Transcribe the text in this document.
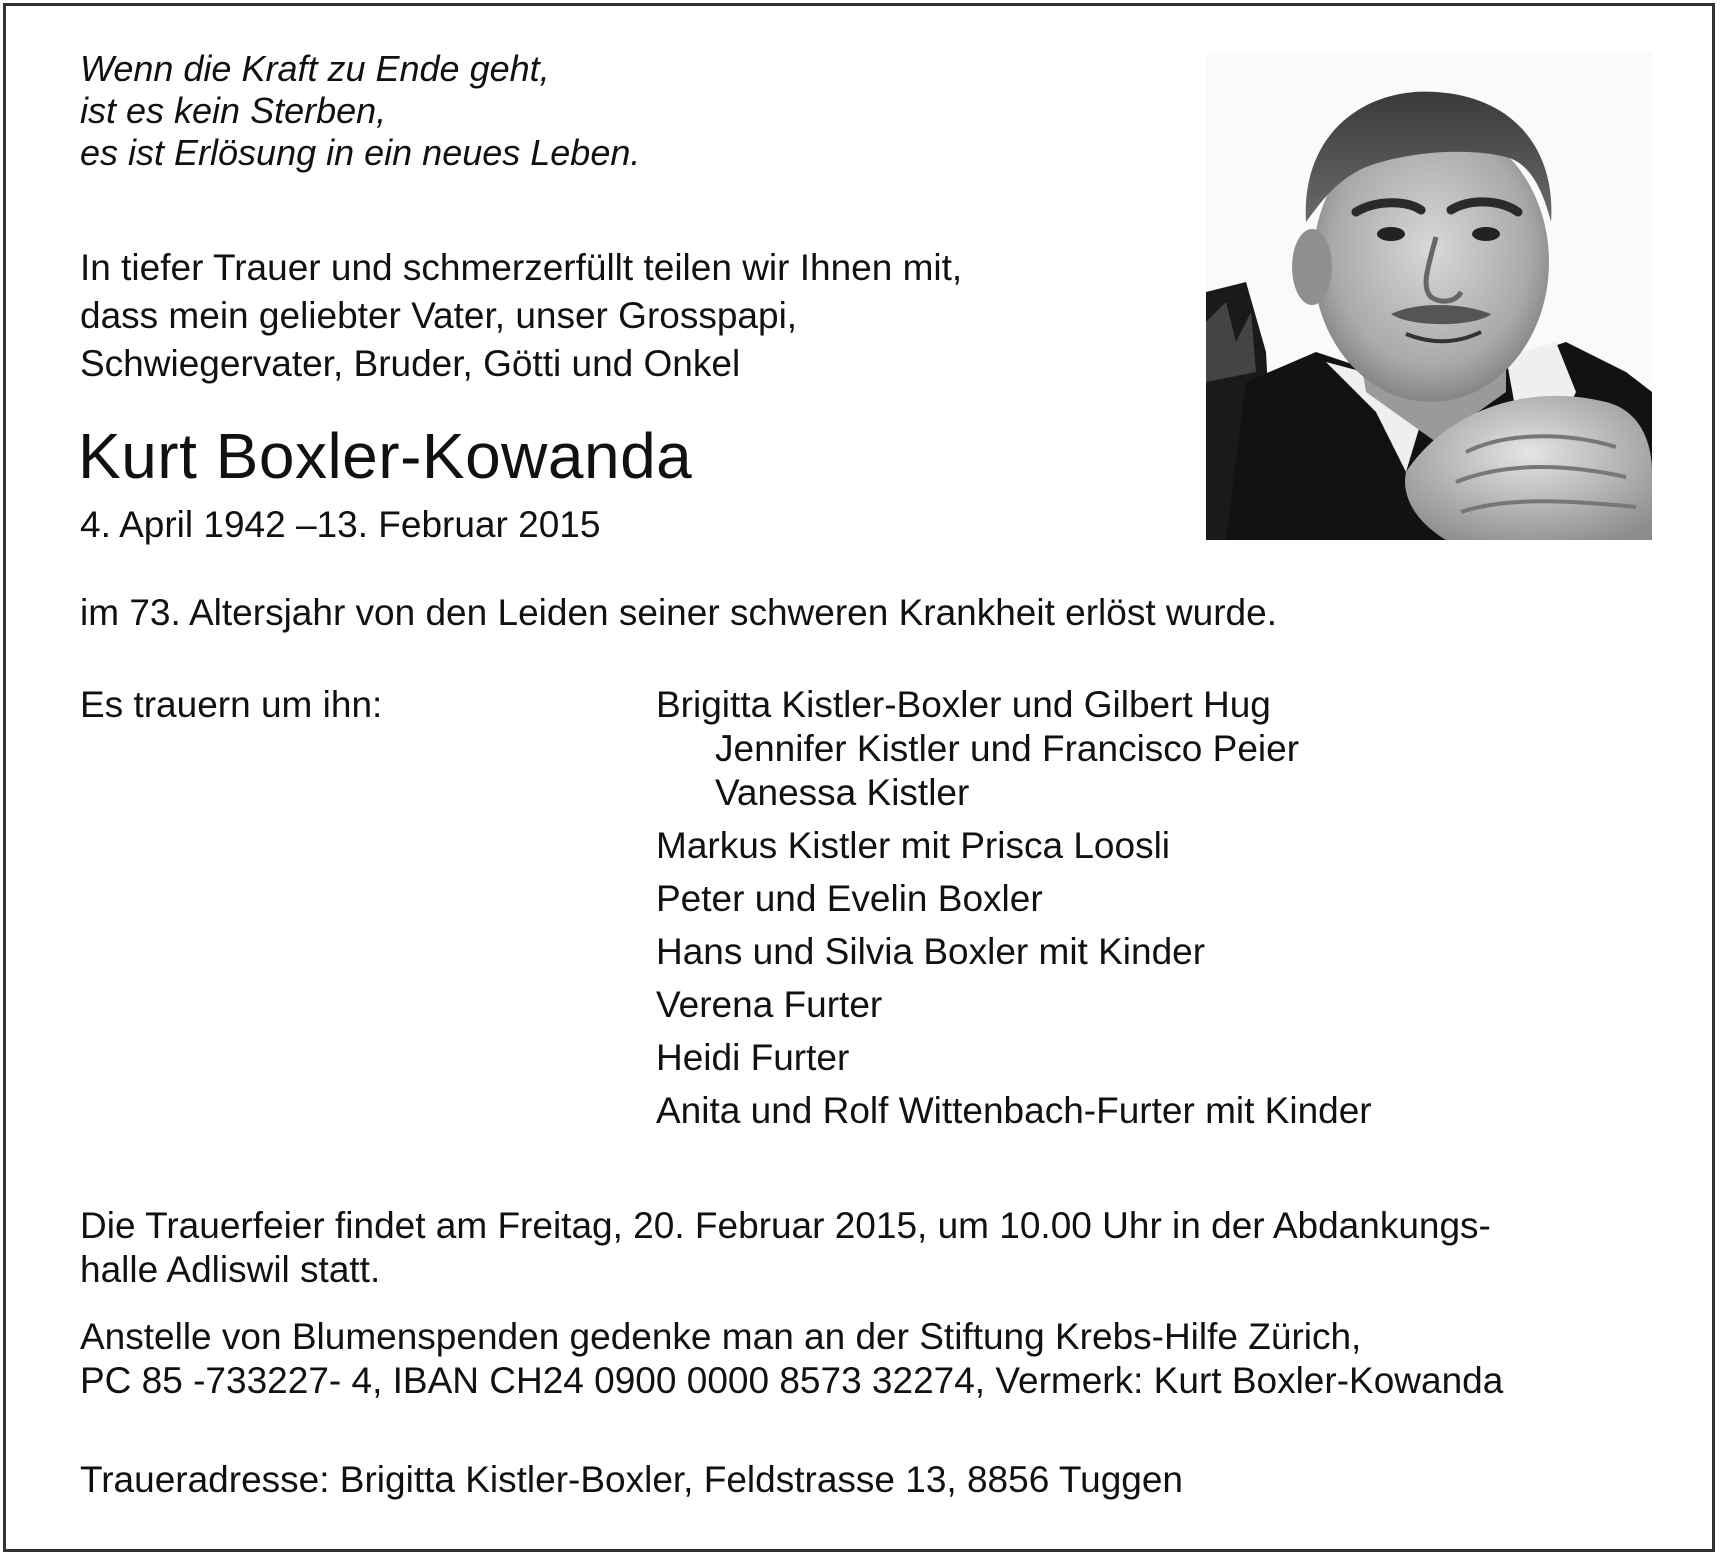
Wenn die Kraft zu Ende geht,
ist es kein Sterben,
es ist Erlösung in ein neues Leben.
In tiefer Trauer und schmerzerfüllt teilen wir Ihnen mit,
dass mein geliebter Vater, unser Grosspapi,
Schwiegervater, Bruder, Götti und Onkel
Kurt Boxler-Kowanda
4. April 1942 –13. Februar 2015
im 73. Altersjahr von den Leiden seiner schweren Krankheit erlöst wurde.
Es trauern um ihn:	Brigitta Kistler-Boxler und Gilbert Hug
Jennifer Kistler und Francisco Peier
Vanessa Kistler
Markus Kistler mit Prisca Loosli
Peter und Evelin Boxler
Hans und Silvia Boxler mit Kinder
Verena Furter
Heidi Furter
Anita und Rolf Wittenbach-Furter mit Kinder
Die Trauerfeier findet am Freitag, 20. Februar 2015, um 10.00 Uhr in der Abdankungs-
halle Adliswil statt.
Anstelle von Blumenspenden gedenke man an der Stiftung Krebs-Hilfe Zürich,
PC 85 -733227- 4, IBAN CH24 0900 0000 8573 32274, Vermerk: Kurt Boxler-Kowanda
Traueradresse: Brigitta Kistler-Boxler, Feldstrasse 13, 8856 Tuggen
